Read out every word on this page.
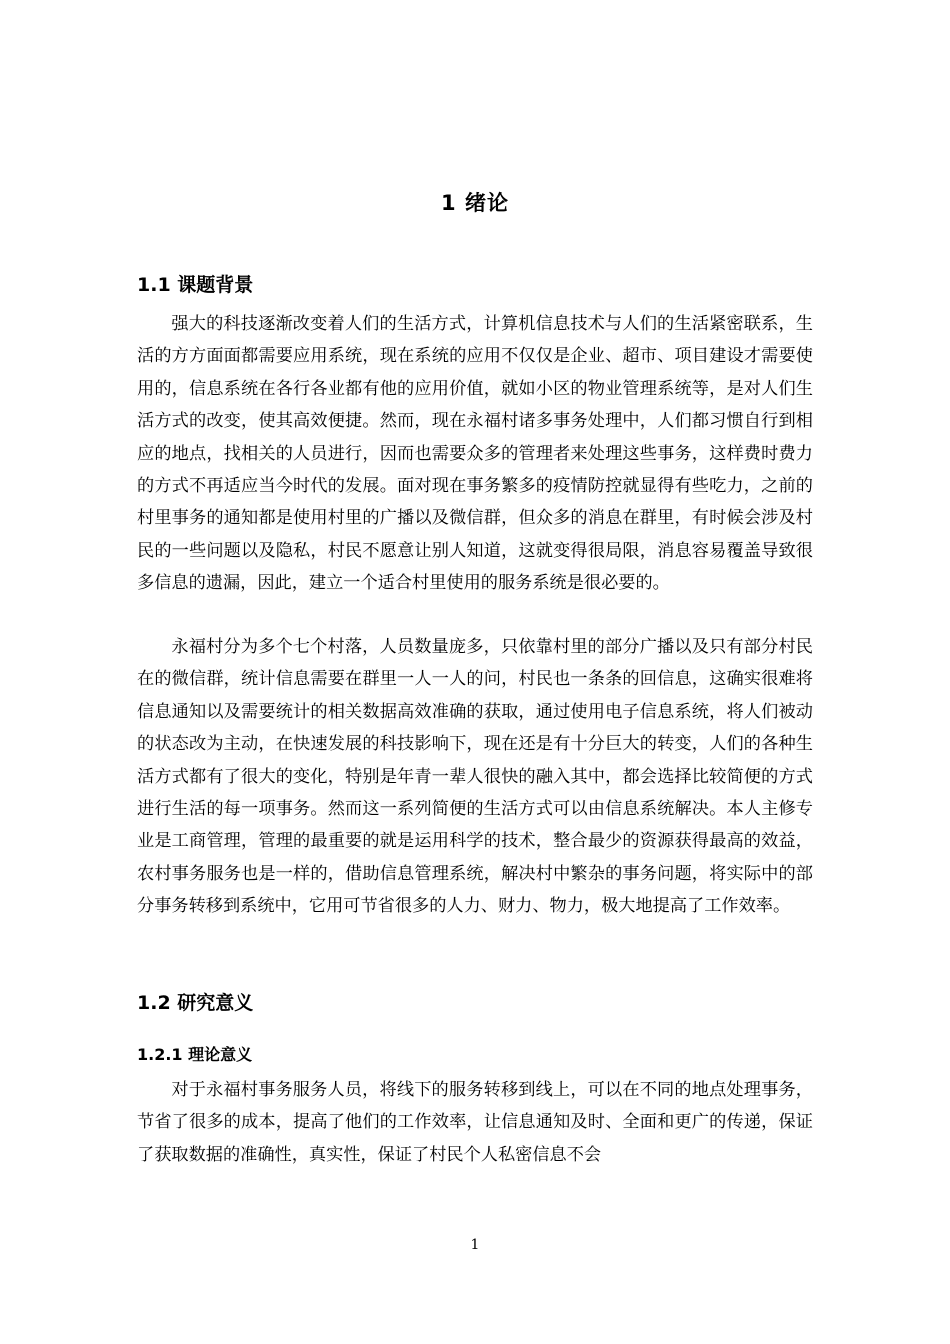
1 绪论
1.1 课题背景

强大的科技逐渐改变着人们的生活方式，计算机信息技术与人们的生活紧密联系，生活的方方面面都需要应用系统，现在系统的应用不仅仅是企业、超市、项目建设才需要使用的，信息系统在各行各业都有他的应用价值，就如小区的物业管理系统等，是对人们生活方式的改变，使其高效便捷。然而，现在永福村诸多事务处理中，人们都习惯自行到相应的地点，找相关的人员进行，因而也需要众多的管理者来处理这些事务，这样费时费力的方式不再适应当今时代的发展。面对现在事务繁多的疫情防控就显得有些吃力，之前的村里事务的通知都是使用村里的广播以及微信群，但众多的消息在群里，有时候会涉及村民的一些问题以及隐私，村民不愿意让别人知道，这就变得很局限，消息容易覆盖导致很多信息的遗漏，因此，建立一个适合村里使用的服务系统是很必要的。

永福村分为多个七个村落，人员数量庞多，只依靠村里的部分广播以及只有部分村民在的微信群，统计信息需要在群里一人一人的问，村民也一条条的回信息，这确实很难将信息通知以及需要统计的相关数据高效准确的获取，通过使用电子信息系统，将人们被动的状态改为主动，在快速发展的科技影响下，现在还是有十分巨大的转变，人们的各种生活方式都有了很大的变化，特别是年青一辈人很快的融入其中，都会选择比较简便的方式进行生活的每一项事务。然而这一系列简便的生活方式可以由信息系统解决。本人主修专业是工商管理，管理的最重要的就是运用科学的技术，整合最少的资源获得最高的效益，农村事务服务也是一样的，借助信息管理系统，解决村中繁杂的事务问题，将实际中的部分事务转移到系统中，它用可节省很多的人力、财力、物力，极大地提高了工作效率。

1.2 研究意义
1.2.1 理论意义

对于永福村事务服务人员，将线下的服务转移到线上，可以在不同的地点处理事务，节省了很多的成本，提高了他们的工作效率，让信息通知及时、全面和更广的传递，保证了获取数据的准确性，真实性，保证了村民个人私密信息不会

1
